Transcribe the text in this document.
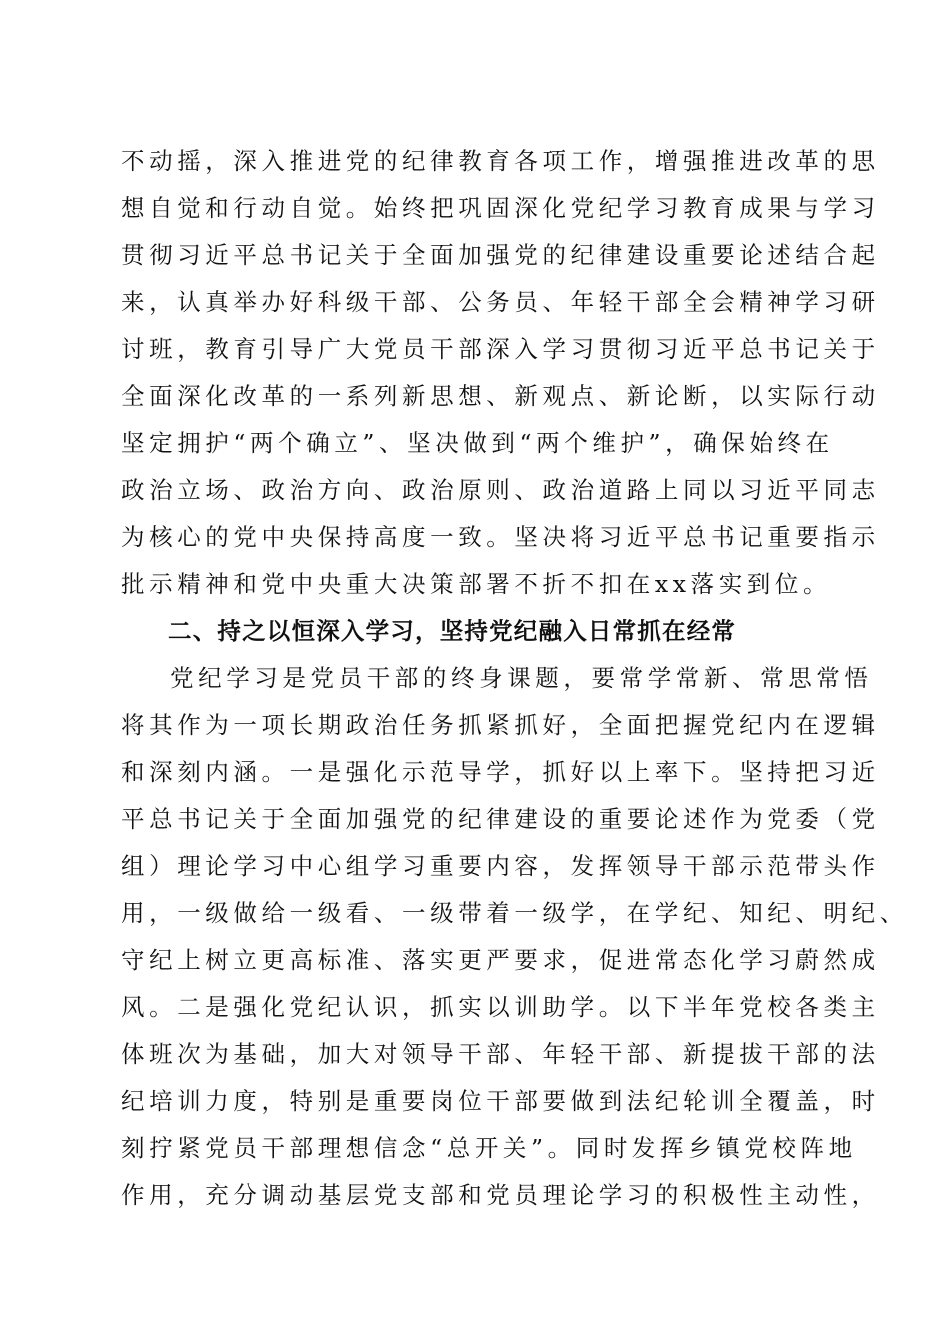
不动摇，深入推进党的纪律教育各项工作，增强推进改革的思
想自觉和行动自觉。始终把巩固深化党纪学习教育成果与学习
贯彻习近平总书记关于全面加强党的纪律建设重要论述结合起
来，认真举办好科级干部、公务员、年轻干部全会精神学习研
讨班，教育引导广大党员干部深入学习贯彻习近平总书记关于
全面深化改革的一系列新思想、新观点、新论断，以实际行动
坚定拥护“两个确立”、坚决做到“两个维护”，确保始终在
政治立场、政治方向、政治原则、政治道路上同以习近平同志
为核心的党中央保持高度一致。坚决将习近平总书记重要指示
批示精神和党中央重大决策部署不折不扣在xx落实到位。
二、持之以恒深入学习，坚持党纪融入日常抓在经常
党纪学习是党员干部的终身课题，要常学常新、常思常悟
将其作为一项长期政治任务抓紧抓好，全面把握党纪内在逻辑
和深刻内涵。一是强化示范导学，抓好以上率下。坚持把习近
平总书记关于全面加强党的纪律建设的重要论述作为党委（党
组）理论学习中心组学习重要内容，发挥领导干部示范带头作
用，一级做给一级看、一级带着一级学，在学纪、知纪、明纪、
守纪上树立更高标准、落实更严要求，促进常态化学习蔚然成
风。二是强化党纪认识，抓实以训助学。以下半年党校各类主
体班次为基础，加大对领导干部、年轻干部、新提拔干部的法
纪培训力度，特别是重要岗位干部要做到法纪轮训全覆盖，时
刻拧紧党员干部理想信念“总开关”。同时发挥乡镇党校阵地
作用，充分调动基层党支部和党员理论学习的积极性主动性，
